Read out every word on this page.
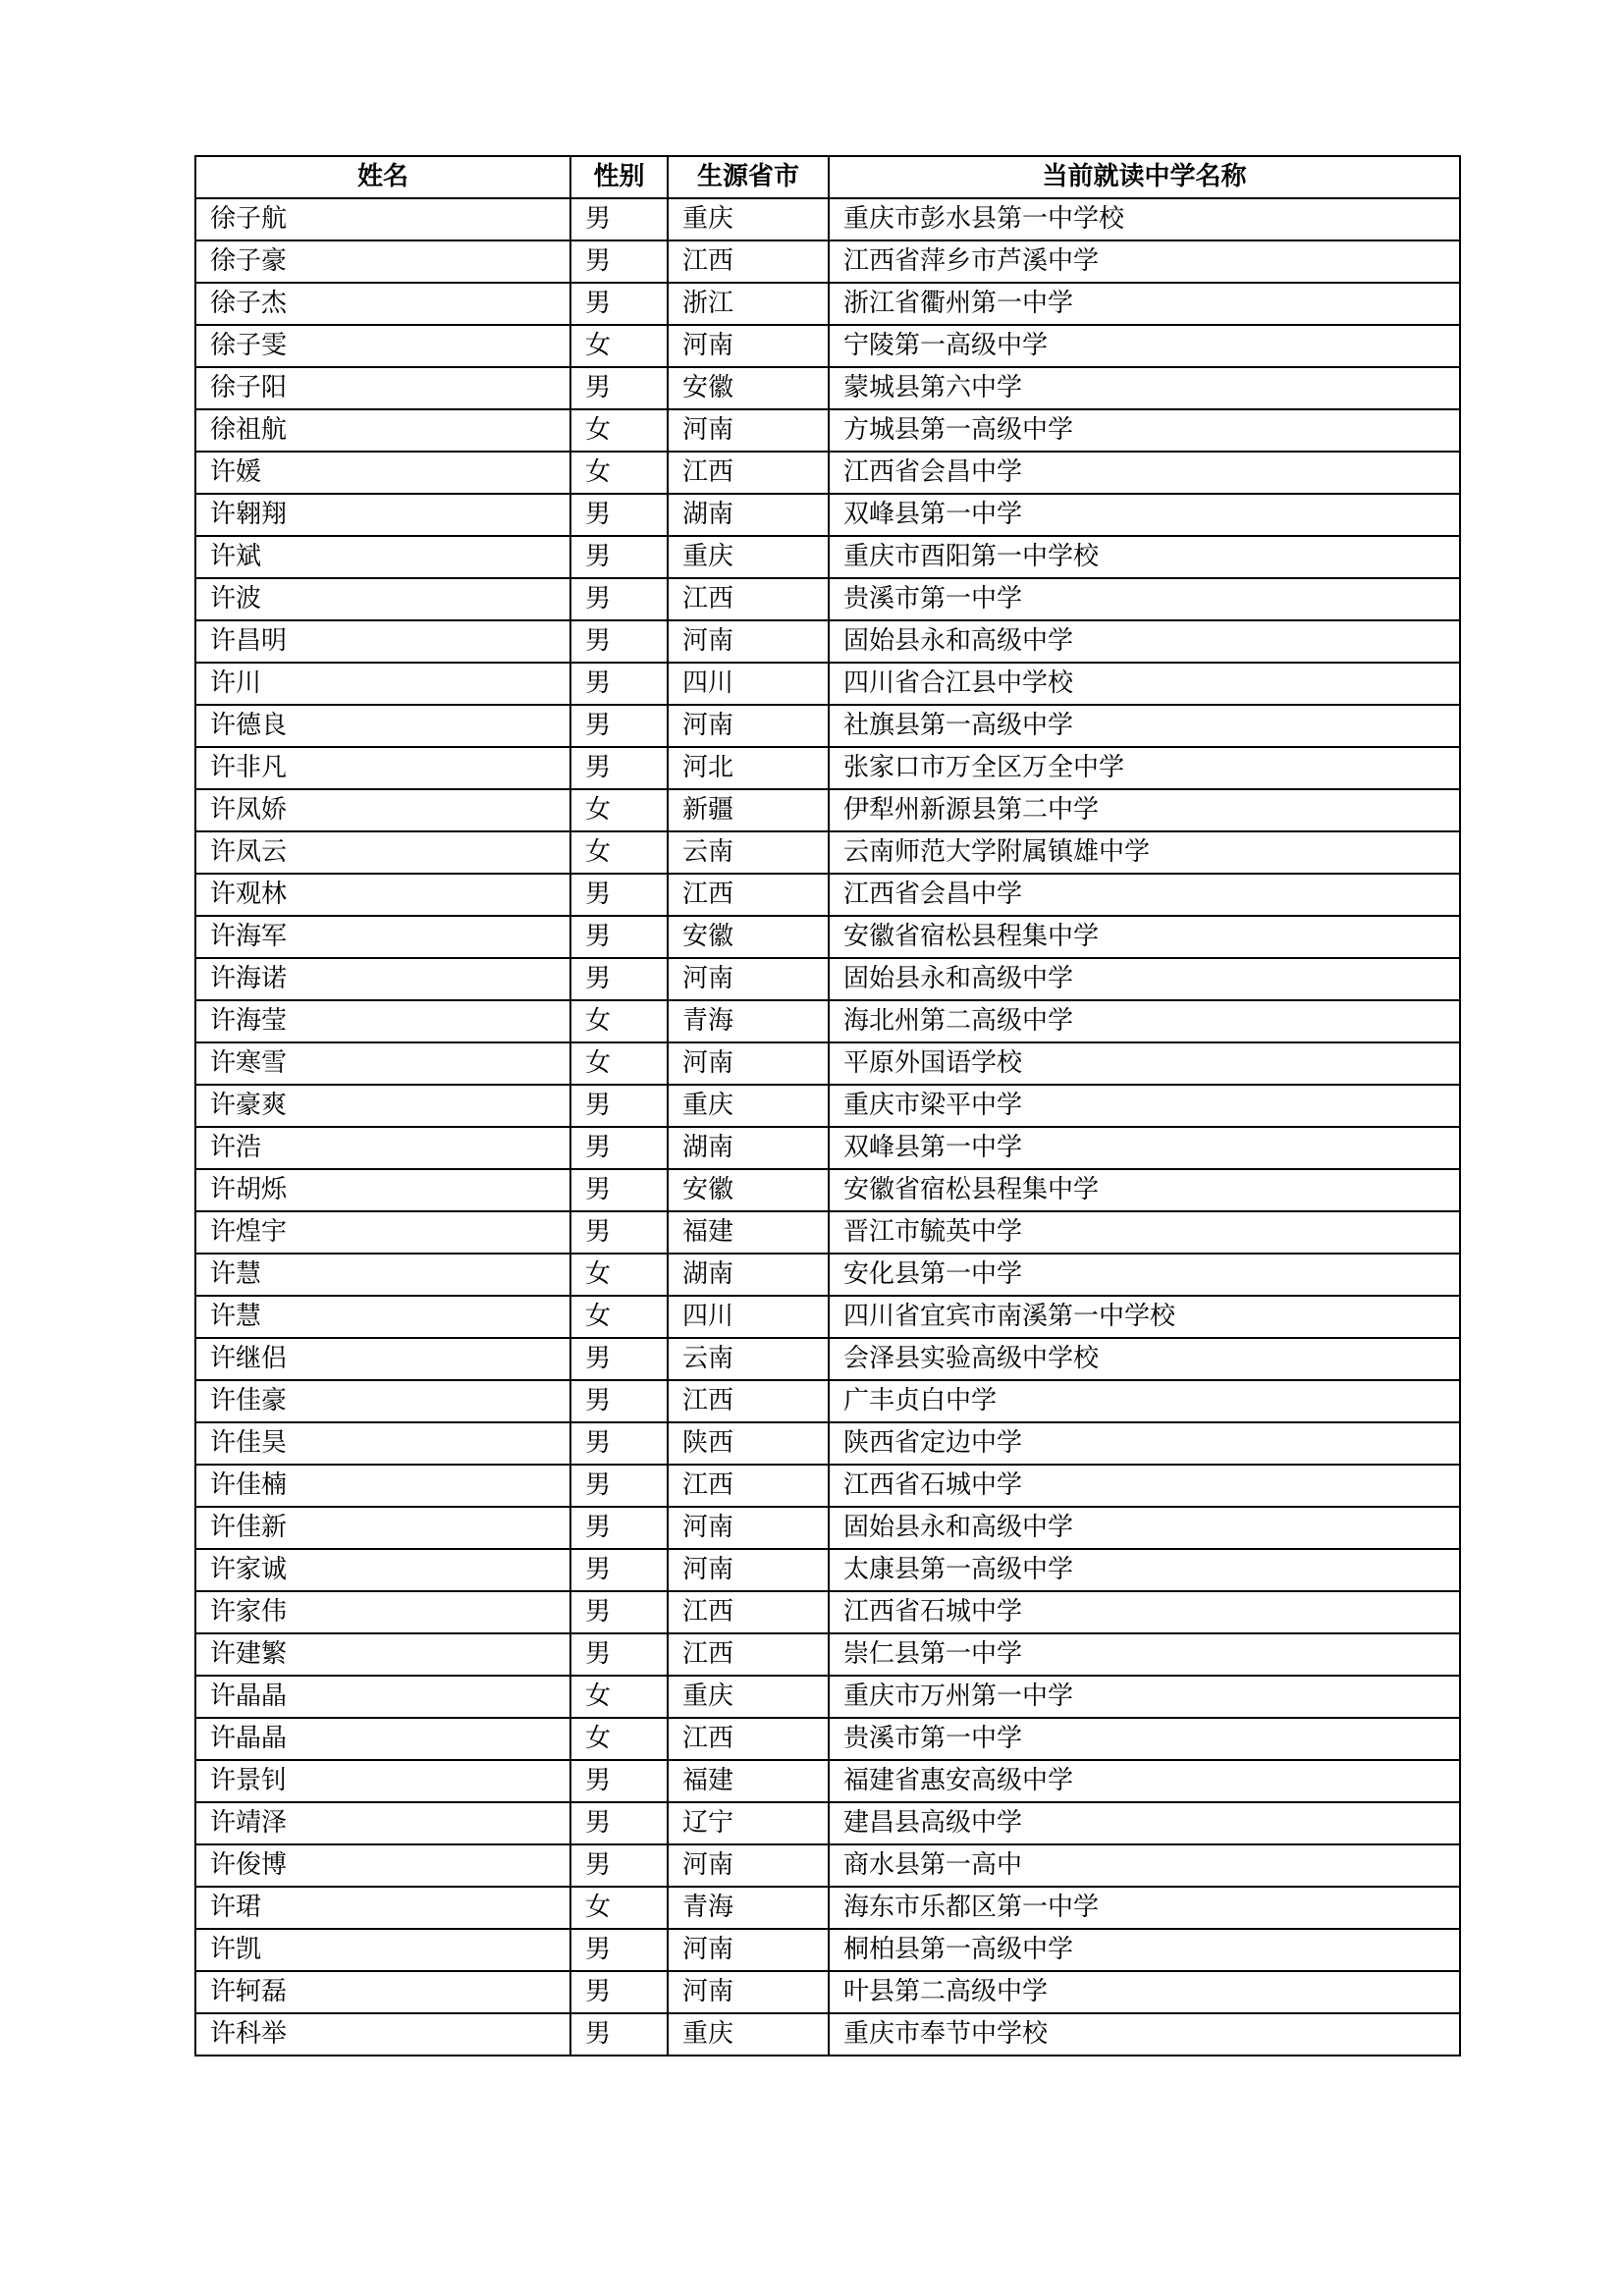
姓名	性别	生源省市	当前就读中学名称
徐子航	男	重庆	重庆市彭水县第一中学校
徐子豪	男	江西	江西省萍乡市芦溪中学
徐子杰	男	浙江	浙江省衢州第一中学
徐子雯	女	河南	宁陵第一高级中学
徐子阳	男	安徽	蒙城县第六中学
徐祖航	女	河南	方城县第一高级中学
许媛	女	江西	江西省会昌中学
许翱翔	男	湖南	双峰县第一中学
许斌	男	重庆	重庆市酉阳第一中学校
许波	男	江西	贵溪市第一中学
许昌明	男	河南	固始县永和高级中学
许川	男	四川	四川省合江县中学校
许德良	男	河南	社旗县第一高级中学
许非凡	男	河北	张家口市万全区万全中学
许凤娇	女	新疆	伊犁州新源县第二中学
许凤云	女	云南	云南师范大学附属镇雄中学
许观林	男	江西	江西省会昌中学
许海军	男	安徽	安徽省宿松县程集中学
许海诺	男	河南	固始县永和高级中学
许海莹	女	青海	海北州第二高级中学
许寒雪	女	河南	平原外国语学校
许豪爽	男	重庆	重庆市梁平中学
许浩	男	湖南	双峰县第一中学
许胡烁	男	安徽	安徽省宿松县程集中学
许煌宇	男	福建	晋江市毓英中学
许慧	女	湖南	安化县第一中学
许慧	女	四川	四川省宜宾市南溪第一中学校
许继侣	男	云南	会泽县实验高级中学校
许佳豪	男	江西	广丰贞白中学
许佳昊	男	陕西	陕西省定边中学
许佳楠	男	江西	江西省石城中学
许佳新	男	河南	固始县永和高级中学
许家诚	男	河南	太康县第一高级中学
许家伟	男	江西	江西省石城中学
许建繁	男	江西	崇仁县第一中学
许晶晶	女	重庆	重庆市万州第一中学
许晶晶	女	江西	贵溪市第一中学
许景钊	男	福建	福建省惠安高级中学
许靖泽	男	辽宁	建昌县高级中学
许俊博	男	河南	商水县第一高中
许珺	女	青海	海东市乐都区第一中学
许凯	男	河南	桐柏县第一高级中学
许轲磊	男	河南	叶县第二高级中学
许科举	男	重庆	重庆市奉节中学校
